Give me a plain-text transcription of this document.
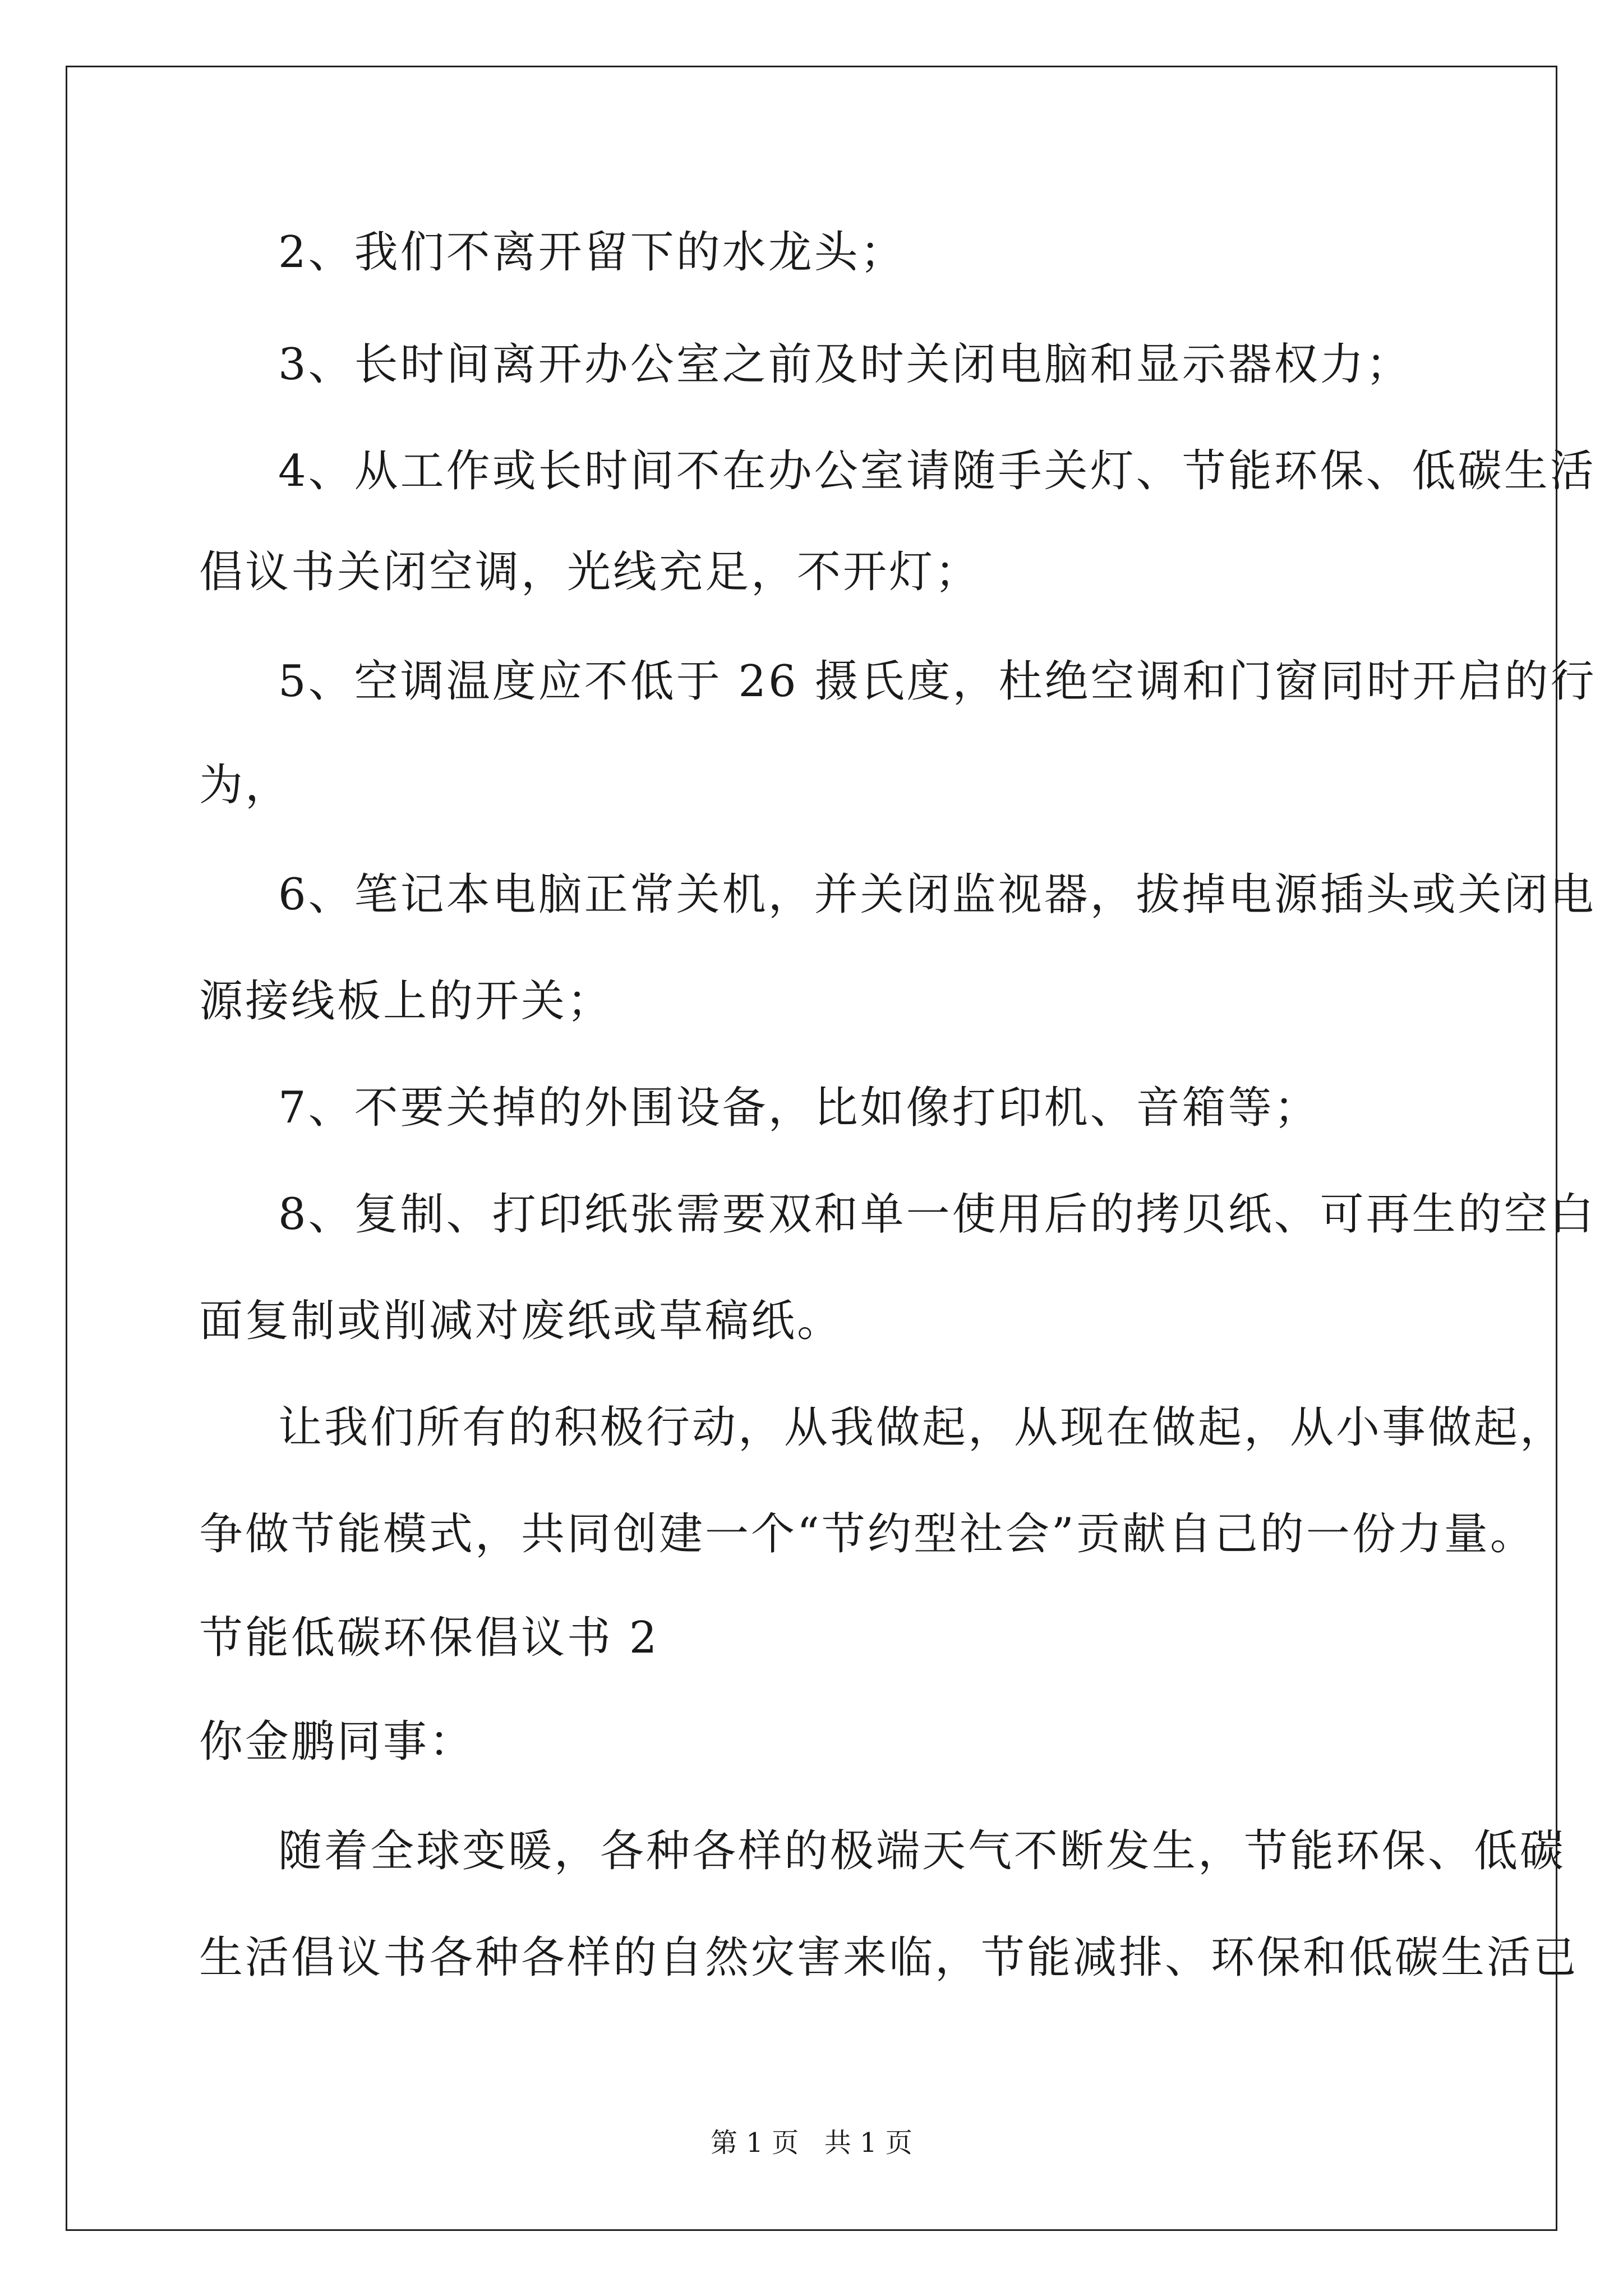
2、我们不离开留下的水龙头；
3、长时间离开办公室之前及时关闭电脑和显示器权力；
4、从工作或长时间不在办公室请随手关灯、节能环保、低碳生活
倡议书关闭空调，光线充足，不开灯；
5、空调温度应不低于 26 摄氏度，杜绝空调和门窗同时开启的行
为，
6、笔记本电脑正常关机，并关闭监视器，拔掉电源插头或关闭电
源接线板上的开关；
7、不要关掉的外围设备，比如像打印机、音箱等；
8、复制、打印纸张需要双和单一使用后的拷贝纸、可再生的空白
面复制或削减对废纸或草稿纸。
让我们所有的积极行动，从我做起，从现在做起，从小事做起，
争做节能模式，共同创建一个“节约型社会”贡献自己的一份力量。
节能低碳环保倡议书 2
你金鹏同事：
随着全球变暖，各种各样的极端天气不断发生，节能环保、低碳
生活倡议书各种各样的自然灾害来临，节能减排、环保和低碳生活已
第 1 页   共 1 页
